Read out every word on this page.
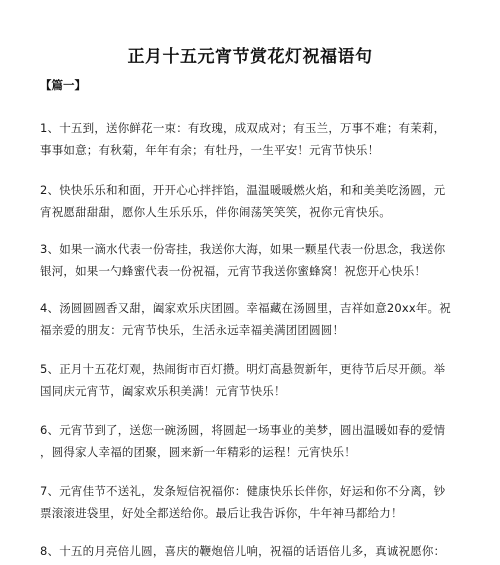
正月十五元宵节赏花灯祝福语句
【篇一】
1、十五到，送你鲜花一束：有玫瑰，成双成对；有玉兰，万事不难；有茉莉，
事事如意；有秋菊，年年有余；有牡丹，一生平安！元宵节快乐！
2、快快乐乐和和面，开开心心拌拌馅，温温暖暖燃火焰，和和美美吃汤圆，元
宵祝愿甜甜甜，愿你人生乐乐乐，伴你闹荡笑笑笑，祝你元宵快乐。
3、如果一滴水代表一份寄挂，我送你大海，如果一颗星代表一份思念，我送你
银河，如果一勺蜂蜜代表一份祝福，元宵节我送你蜜蜂窝！祝您开心快乐！
4、汤圆圆圆香又甜，阖家欢乐庆团圆。幸福藏在汤圆里，吉祥如意20xx年。祝
福亲爱的朋友：元宵节快乐，生活永远幸福美满团团圆圆！
5、正月十五花灯观，热闹街市百灯攒。明灯高悬贺新年，更待节后尽开颜。举
国同庆元宵节，阖家欢乐积美满！元宵节快乐！
6、元宵节到了，送您一碗汤圆，将圆起一场事业的美梦，圆出温暖如春的爱情
，圆得家人幸福的团聚，圆来新一年精彩的运程！元宵快乐！
7、元宵佳节不送礼，发条短信祝福你：健康快乐长伴你，好运和你不分离，钞
票滚滚进袋里，好处全都送给你。最后让我告诉你，牛年神马都给力！
8、十五的月亮倍儿圆，喜庆的鞭炮倍儿响，祝福的话语倍儿多，真诚祝愿你：
